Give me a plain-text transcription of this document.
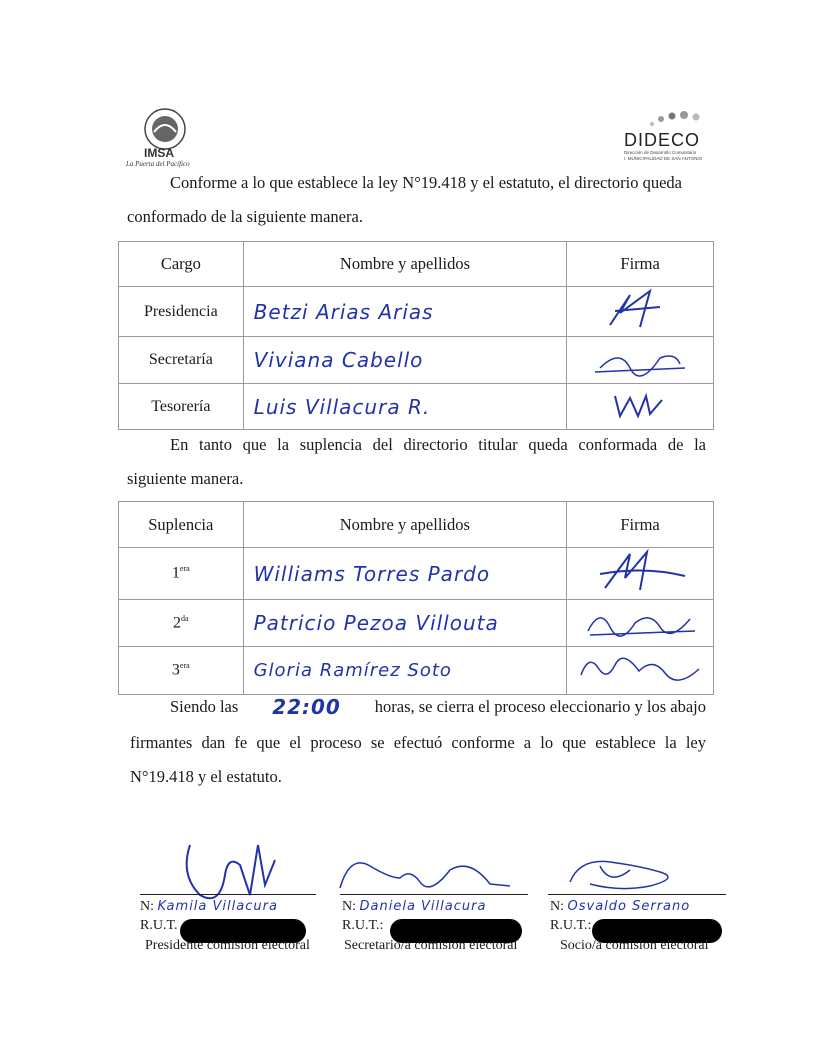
IMSA
La Puerta del Pacífico
DIDECO
Dirección de Desarrollo Comunitario
I. MUNICIPALIDAD DE SAN ANTONIO
Conforme a lo que establece la ley N°19.418 y el estatuto, el directorio queda
conformado de la siguiente manera.
Cargo	Nombre y apellidos	Firma
Presidencia	Betzi Arias Arias	
Secretaría	Viviana Cabello	
Tesorería	Luis Villacura R.	
En tanto que la suplencia del directorio titular queda conformada de la
siguiente manera.
Suplencia	Nombre y apellidos	Firma
$1^{era}$	Williams Torres Pardo	
$2^{da}$	Patricio Pezoa Villouta	
$3^{era}$	Gloria Ramírez Soto	
Siendo las 22:00 horas, se cierra el proceso eleccionario y los abajo
firmantes dan fe que el proceso se efectuó conforme a lo que establece la ley
N°19.418 y el estatuto.
N: Kamila Villacura
R.U.T.
Presidente comisión electoral
N: Daniela Villacura
R.U.T.:
Secretario/a comisión electoral
N: Osvaldo Serrano
R.U.T.:
Socio/a comisión electoral
